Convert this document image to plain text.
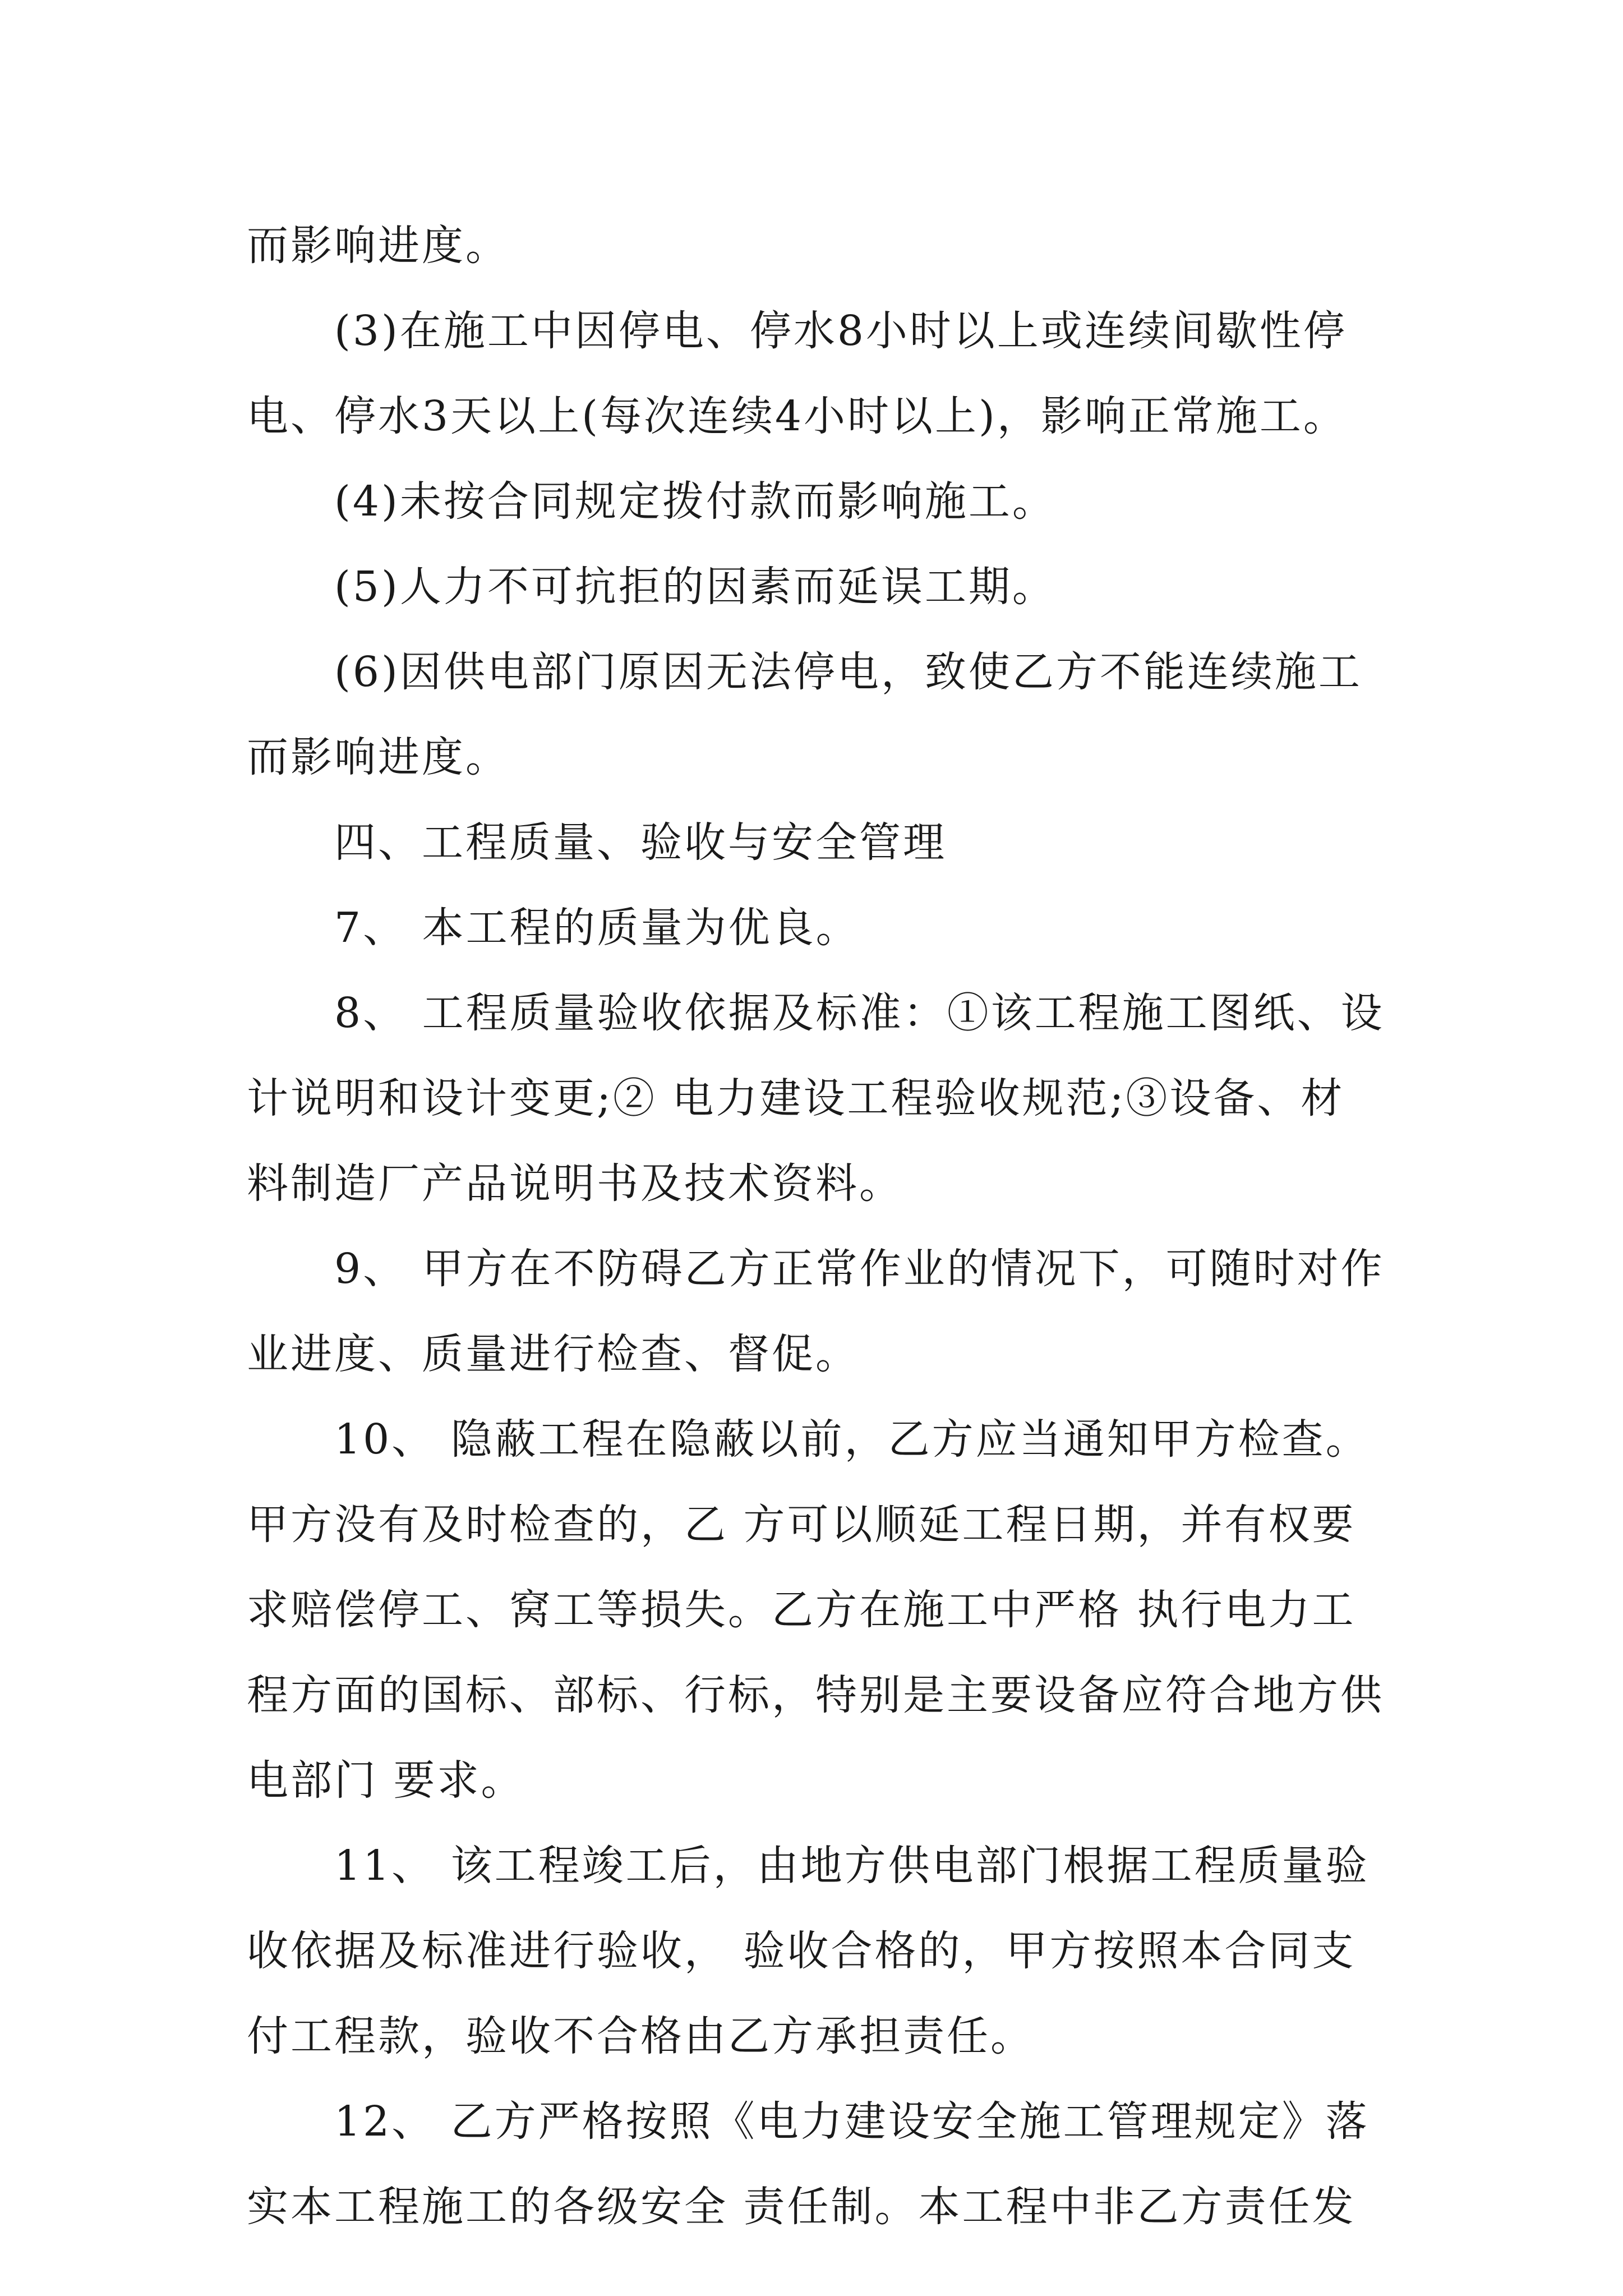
而影响进度。
　　(3)在施工中因停电、停水8小时以上或连续间歇性停
电、停水3天以上(每次连续4小时以上)，影响正常施工。
　　(4)未按合同规定拨付款而影响施工。
　　(5)人力不可抗拒的因素而延误工期。
　　(6)因供电部门原因无法停电，致使乙方不能连续施工
而影响进度。
　　四、工程质量、验收与安全管理
　　7、 本工程的质量为优良。
　　8、 工程质量验收依据及标准：①该工程施工图纸、设
计说明和设计变更;② 电力建设工程验收规范;③设备、材
料制造厂产品说明书及技术资料。
　　9、 甲方在不防碍乙方正常作业的情况下，可随时对作
业进度、质量进行检查、督促。
　　10、 隐蔽工程在隐蔽以前，乙方应当通知甲方检查。
甲方没有及时检查的，乙 方可以顺延工程日期，并有权要
求赔偿停工、窝工等损失。乙方在施工中严格 执行电力工
程方面的国标、部标、行标，特别是主要设备应符合地方供
电部门 要求。
　　11、 该工程竣工后，由地方供电部门根据工程质量验
收依据及标准进行验收， 验收合格的，甲方按照本合同支
付工程款，验收不合格由乙方承担责任。
　　12、 乙方严格按照《电力建设安全施工管理规定》落
实本工程施工的各级安全 责任制。本工程中非乙方责任发
